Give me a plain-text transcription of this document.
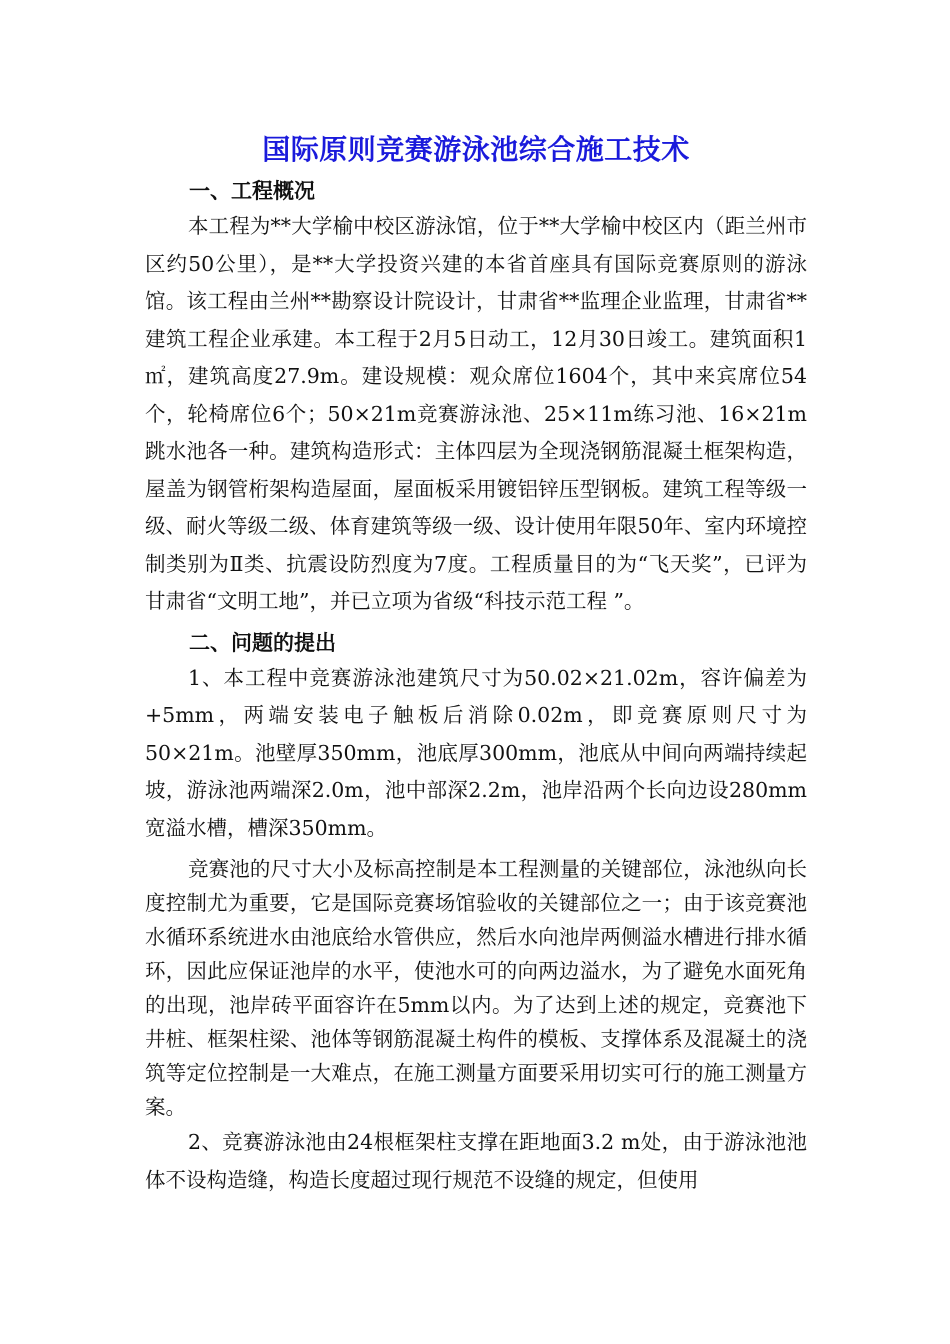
国际原则竞赛游泳池综合施工技术
一、工程概况

本工程为**大学榆中校区游泳馆，位于**大学榆中校区内（距兰州市区约50公里），是**大学投资兴建的本省首座具有国际竞赛原则的游泳馆。该工程由兰州**勘察设计院设计，甘肃省**监理企业监理，甘肃省**建筑工程企业承建。本工程于2月5日动工，12月30日竣工。建筑面积1㎡，建筑高度27.9m。建设规模：观众席位1604个，其中来宾席位54个，轮椅席位6个；50×21m竞赛游泳池、25×11m练习池、16×21m跳水池各一种。建筑构造形式：主体四层为全现浇钢筋混凝土框架构造，屋盖为钢管桁架构造屋面，屋面板采用镀铝锌压型钢板。建筑工程等级一级、耐火等级二级、体育建筑等级一级、设计使用年限50年、室内环境控制类别为Ⅱ类、抗震设防烈度为7度。工程质量目的为“飞天奖”，已评为甘肃省“文明工地”，并已立项为省级“科技示范工程 ”。

二、问题的提出

1、本工程中竞赛游泳池建筑尺寸为50.02×21.02m，容许偏差为+5mm，两端安装电子触板后消除0.02m，即竞赛原则尺寸为50×21m。池壁厚350mm，池底厚300mm，池底从中间向两端持续起坡，游泳池两端深2.0m，池中部深2.2m，池岸沿两个长向边设280mm宽溢水槽，槽深350mm。

竞赛池的尺寸大小及标高控制是本工程测量的关键部位，泳池纵向长度控制尤为重要，它是国际竞赛场馆验收的关键部位之一；由于该竞赛池水循环系统进水由池底给水管供应，然后水向池岸两侧溢水槽进行排水循环，因此应保证池岸的水平，使池水可的向两边溢水，为了避免水面死角的出现，池岸砖平面容许在5mm以内。为了达到上述的规定，竞赛池下井桩、框架柱梁、池体等钢筋混凝土构件的模板、支撑体系及混凝土的浇筑等定位控制是一大难点，在施工测量方面要采用切实可行的施工测量方案。

2、竞赛游泳池由24根框架柱支撑在距地面3.2 m处，由于游泳池池体不设构造缝，构造长度超过现行规范不设缝的规定，但使用
